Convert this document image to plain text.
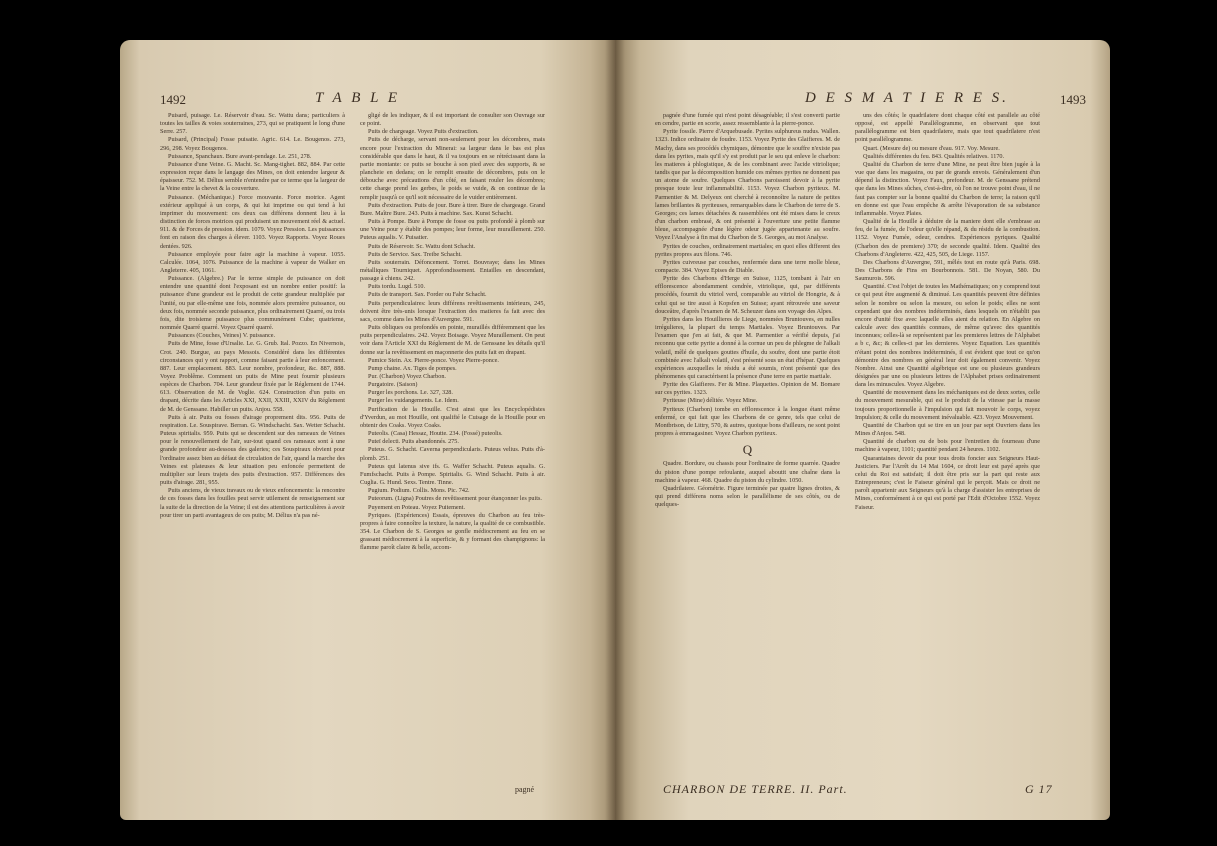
1492	T A B L E

Puisard, puisage. Le. Réservoir d'eau. Sc. Wattu dans; particuliers à toutes les tailles & voies souterraines, 273, qui se pratiquent le long d'une Serre. 257.

Puisard, (Principal) Fosse puisatie. Agric. 614. Le. Bougenos. 273, 296, 298. Voyez Bougenos.

Puissance, Spanchaux. Bure avant-pendage. Le. 251, 278.

Puissance d'une Veine. G. Macht. Sc. Mang-tighet. 882, 884. Par cette expression reçue dans le langage des Mines, on doit entendre largeur & épaisseur. 752. M. Délius semble n'entendre par ce terme que la largeur de la Veine entre la chevet & la couverture.

Puissance. (Méchanique.) Force mouvante. Force motrice. Agent extérieur appliqué à un corps, & qui lui imprime ou qui tend à lui imprimer du mouvement: ces deux cas différens donnent lieu à la distinction de forces motrices qui produisent un mouvement réel & actuel. 911. & de Forces de pression. idem. 1079. Voyez Pression. Les puissances font en raison des charges à élever. 1103. Voyez Rapports. Voyez Roues dentées. 926.

Puissance employée pour faire agir la machine à vapeur. 1055. Calculée. 1064, 1076. Puissance de la machine à vapeur de Walker en Angleterre. 405, 1061.

Puissance. (Algebre.) Par le terme simple de puissance on doit entendre une quantité dont l'exposant est un nombre entier positif: la puissance d'une grandeur est le produit de cette grandeur multipliée par l'unité, ou par elle-même une fois, nommée alors première puissance, ou deux fois, nommée seconde puissance, plus ordinairement Quarré, ou trois fois, dite troisieme puissance plus communément Cube; quatrieme, nommée Quarré quarré. Voyez Quarré quarré.

Puissances (Couches, Veines) V. puissance.

Puits de Mine, fosse d'Ursalie. Le. G. Grub. Ital. Pozzo. En Nivernois, Crot. 240. Burgue, au pays Messois. Considéré dans les différentes circonstances qui y ont rapport, comme faisant partie à leur enfoncement. 887. Leur emplacement. 883. Leur nombre, profondeur, &c. 887, 888. Voyez Problême. Comment un puits de Mine peut fournir plusieurs espèces de Charbon. 704. Leur grandeur fixée par le Réglement de 1744. 613. Observation de M. de Voglie. 624. Construction d'un puits en drapant, décrite dans les Articles XXI, XXII, XXIII, XXIV du Réglement de M. de Genssane. Habiller un puits. Anjou. 558.

Puits à air. Puits ou fosses d'airage proprement dits. 956. Puits de respiration. Le. Souspirave. Berran. G. Windschacht. Sax. Wetter Schacht. Puteus spiritalis. 959. Puits qui se descendent sur des rameaux de Veines pour le renouvellement de l'air, sur-tout quand ces rameaux sont à une grande profondeur au-dessous des galeries; ces Souspiraux obvient pour l'ordinaire assez bien au défaut de circulation de l'air, quand la marche des Veines est plateuses & leur situation peu enfoncée permettent de multiplier sur leurs trajets des puits d'extraction. 957. Différences des puits d'airage. 281, 955.

Puits anciens, de vieux travaux ou de vieux enfoncements: la rencontre de ces fosses dans les fouilles peut servir utilement de renseignement sur la suite de la direction de la Veine; il est des attentions particulières à avoir pour tirer un parti avantageux de ces puits; M. Délius n'a pas né-

gligé de les indiquer, & il est important de consulter son Ouvrage sur ce point.

Puits de chargeage. Voyez Puits d'extraction.

Puits de décharge, servant non-seulement pour les décombres, mais encore pour l'extraction du Minerai: sa largeur dans le bas est plus considérable que dans le haut, & il va toujours en se rétrécissant dans la partie montante: ce puits se bouche à son pied avec des supports, & se plancheie en dedans; on le remplit ensuite de décombres, puis on le débouche avec précautions d'un côté, en faisant rouler les décombres; cette charge prend les gerbes, le poids se vuide, & on continue de la remplir jusqu'à ce qu'il soit nécessaire de le vuider entièrement.

Puits d'extraction. Puits de jour. Bure à tirer. Bure de chargeage. Grand Bure. Maître Bure. 243. Puits à machine. Sax. Kunst Schacht.

Puits à Pompe. Bure à Pompe de fosse ou puits profondé à plomb sur une Veine pour y établir des pompes; leur forme, leur muraillement. 250. Puteus aqualis. V. Puisatier.

Puits de Réservoir. Sc. Wattu dont Schacht.

Puits de Service. Sax. Treibe Schacht.

Puits souterrain. Défoncement. Torret. Bouvraye; dans les Mines métalliques Tourniquet. Approfondissement. Entailles en descendant, passage à chiens. 242.

Puits tordu. Lugd. 510.

Puits de transport. Sax. Forder ou Fahr Schacht.

Puits perpendiculaires: leurs différens revêtissements intérieurs, 245, doivent être très-unis lorsque l'extraction des matieres fa fait avec des sacs, comme dans les Mines d'Auvergne. 591.

Puits obliques ou profondés en pointe, muraillés différemment que les puits perpendiculaires. 242. Voyez Boisage. Voyez Muraillement. On peut voir dans l'Article XXI du Réglement de M. de Genssane les détails qu'il donne sur la revêtissement en maçonnerie des puits fait en drapant.

Pumice Stein. Ax. Pierre-ponce. Voyez Pierre-ponce.

Pump chaine. Ax. Tiges de pompes.

Pur. (Charbon) Voyez Charbon.

Purgatoire. (Saison)

Purger les porchons. Le. 327, 328.

Purger les vuidangements. Le. Idem.

Purification de la Houille. C'est ainsi que les Encyclopédistes d'Yverdun, au mot Houille, ont qualifié le Cuisage de la Houille pour en obtenir des Coaks. Voyez Coaks.

Puteolis. (Casa) Hessaz, Houtte. 234. (Fossé) puteolis.

Puteï delecti. Puits abandonnés. 275.

Puteus. G. Schacht. Caverna perpendicularis. Puteus velius. Puits d'à-plomb. 251.

Puteus qui latenus sive ifs. G. Waffer Schacht. Puteus aqualis. G. Fumfschacht. Puits à Pompe. Spiritalis. G. Wind Schacht. Puits à air. Cuglia. G. Hund. Sexs. Tentre. Tinne.

Pugium. Podium. Collis. Mons. Pic. 742.

Puteorum. (Ligna) Poutres de revêtissement pour étançonner les puits.

Puyement en Poteau. Voyez Puitement.

Pyriques. (Expériences) Essais, épreuves du Charbon au feu très-propres à faire connoître la texture, la nature, la qualité de ce combustible. 354. Le Charbon de S. Georges se gonfle médiocrement au feu en se grassant médiocrement à la superficie, & y formant des champignons: la flamme paroît claire & belle, accom-

pagné
D E S M A T I E R E S.	1493

pagnée d'une fumée qui n'est point désagréable; il s'est converti partie en cendre, partie en scorie, assez ressemblante à la pierre-ponce.

Pyrite fossile. Pierre d'Arquebusade. Pyrites sulphureus nudus. Wallen. 1323. Indice ordinaire de foudre. 1153. Voyez Pyrite des Glaifieres. M. de Machy, dans ses procédés chymiques, démontre que le souffre n'existe pas dans les pyrites, mais qu'il s'y est produit par le seu qui enleve le charbon: les matieres à phlogistique, & de les combinant avec l'acide vitriolique; tandis que par la décomposition humide ces mêmes pyrites ne donnent pas un atome de soufre. Quelques Charbons paroissent devoir à la pyrite presque toute leur inflammabilité. 1153. Voyez Charbon pyriteux. M. Parmentier & M. Delyeux ont cherché à reconnoître la nature de petites lames brillantes & pyriteuses, remarquables dans le Charbon de terre de S. Georges; ces lames détachées & rassemblées ont été mises dans le creux d'un charbon embrasé, & ont présenté à l'ouverture une petite flamme bleue, accompagnée d'une légère odeur jugée appartenante au soufre. Voyez l'Analyse à fin mai du Charbon de S. Georges, au mot Analyse.

Pyrites de couches, ordinairement martiales; en quoi elles different des pyrites propres aux filons. 746.

Pyrites cuivreuse par couches, renfermée dans une terre molle bleue, compacte. 384. Voyez Epises de Diable.

Pyrite des Charbons d'Herge en Suisse, 1125, tombant à l'air en efflorescence abondamment cendrée, vitriolique, qui, par différents procédés, fournit du vitriol verd, comparable au vitriol de Hongrie, & à celui qui se tire aussi à Kopsfen en Suisse; ayant rétrouvée une saveur douceâtre, d'après l'examen de M. Scheuzer dans son voyage des Alpes.

Pyrites dans les Houillieres de Liege, nommées Bruntouves, en nulles irrégulieres, la plupart du temps Martiales. Voyez Bruntouves. Par l'examen que j'en ai fait, & que M. Parmentier a vérifié depuis, j'ai reconnu que cette pyrite a donné à la cornue un peu de phlegme de l'alkali volatil, mêlé de quelques gouttes d'huile, du soufre, dont une partie étoit combinée avec l'alkali volatil, s'est présenté sous un état d'hépar. Quelques expériences auxquelles le résidu a été soumis, n'ont présenté que des phénomenes qui caractérisent la présence d'une terre en partie martiale.

Pyrite des Glaifieres. Fer & Mine. Plaquettes. Opinion de M. Bomare sur ces pyrites. 1323.

Pyriteuse (Mine) délitée. Voyez Mine.

Pyriteux (Charbon) tombe en efflorescence à la longue étant même enfermé, ce qui fait que les Charbons de ce genre, tels que celui de Montbrison, de Littry, 570, & autres, quoique bons d'ailleurs, ne sont point propres à emmagasiner. Voyez Charbon pyriteux.

Q

Quadre. Bordure, ou chassis pour l'ordinaire de forme quarrée. Quadre du piston d'une pompe refoulante, auquel aboutit une chaîne dans la machine à vapeur. 468. Quadre du piston du cylindre. 1050.

Quadrilatere. Géométrie. Figure terminée par quatre lignes droites, & qui prend différens noms selon le parallélisme de ses côtés, ou de quelques-

uns des côtés; le quadrilatere dont chaque côté est parallele au côté opposé, est appellé Parallélogramme, en observant que tout parallélogramme est bien quadrilatere, mais que tout quadrilatere n'est point parallélogramme.

Quart. (Mesure de) ou mesure d'eau. 917. Voy. Mesure.

Qualités différentes du feu. 843. Qualités relatives. 1170.

Qualité du Charbon de terre d'une Mine, ne peut être bien jugée à la vue que dans les magasins, ou par de grands envois. Généralement d'un dépend la distinction. Voyez Faux, prefondeur. M. de Genssane prétend que dans les Mines sûches, c'est-à-dire, où l'on ne trouve point d'eau, il ne faut pas compter sur la bonne qualité du Charbon de terre; la raison qu'il en donne est que l'eau empêche & arrête l'évaporation de sa substance inflammable. Voyez Plaies.

Qualité de la Houille à déduire de la maniere dont elle s'embrase au feu, de la fumée, de l'odeur qu'elle répand, & du résidu de la combustion. 1152. Voyez Fumée, odeur, cendres. Expériences pyriques. Qualité (Charbon des de premiere) 370; de seconde qualité. Idem. Qualité des Charbons d'Angleterre. 422, 425, 505, de Liege. 1157.

Des Charbons d'Auvergne, 591, mêlés tout en route qu'à Paris. 698. Des Charbons de Fins en Bourbonnois. 581. De Noyan, 580. Du Saumurois. 596.

Quantité. C'est l'objet de toutes les Mathématiques; on y comprend tout ce qui peut être augmenté & diminué. Les quantités peuvent être définies selon le nombre ou selon la mesure, ou selon le poids; elles ne sont cependant que des nombres indéterminés, dans lesquels on n'établit pas encore d'unité fixe avec laquelle elles aient du relation. En Algebre on calcule avec des quantités connues, de même qu'avec des quantités inconnues; celles-là se représentent par les premieres lettres de l'Alphabet a b c, &c; & celles-ci par les dernieres. Voyez Equation. Les quantités n'étant point des nombres indéterminés, il est évident que tout ce qu'on démontre des nombres en général leur doit également convenir. Voyez Nombre. Ainsi une Quantité algébrique est une ou plusieurs grandeurs désignées par une ou plusieurs lettres de l'Alphabet prises ordinairement dans les minuscules. Voyez Algebre.

Quantité de mouvement dans les méchaniques est de deux sortes, celle du mouvement mesurable, qui est le produit de la vitesse par la masse toujours proportionnelle à l'impulsion qui fait mouvoir le corps, voyez Impulsion; & celle du mouvement inévaluable. 423. Voyez Mouvement.

Quantité de Charbon qui se tire en un jour par sept Ouvriers dans les Mines d'Anjou. 548.

Quantité de charbon ou de bois pour l'entretien du fourneau d'une machine à vapeur, 1101; quantité pendant 24 heures. 1102.

Quarantaines devoir du pour tous droits foncier aux Seigneurs Haut-Justiciers. Par l'Arrêt du 14 Mai 1604, ce droit leur est payé après que celui du Roi est satisfait; il doit être pris sur la part qui reste aux Entrepreneurs; c'est le Faiseur général qui le perçoit. Mais ce droit ne paroît appartenir aux Seigneurs qu'à la charge d'assister les entreprises de Mines, conformément à ce qui est porté par l'Edit d'Octobre 1552. Voyez Faiseur.

CHARBON DE TERRE. II. Part.	G 17
